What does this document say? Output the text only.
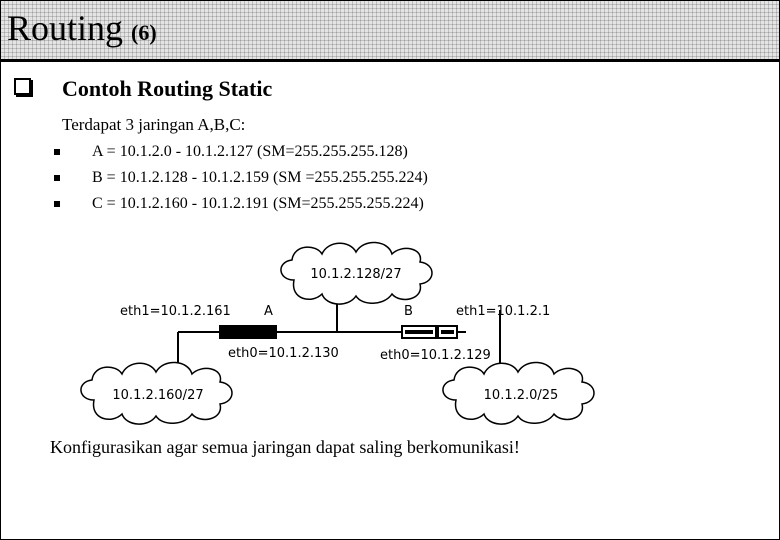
Routing (6)
Contoh Routing Static
Terdapat 3 jaringan A,B,C:
A = 10.1.2.0 - 10.1.2.127 (SM=255.255.255.128)
B = 10.1.2.128 - 10.1.2.159 (SM =255.255.255.224)
C = 10.1.2.160 - 10.1.2.191 (SM=255.255.255.224)
10.1.2.128/27
10.1.2.160/27	10.1.2.0/25
eth1=10.1.2.161	A	B	eth1=10.1.2.1
eth0=10.1.2.130	eth0=10.1.2.129
Konfigurasikan agar semua jaringan dapat saling berkomunikasi!
